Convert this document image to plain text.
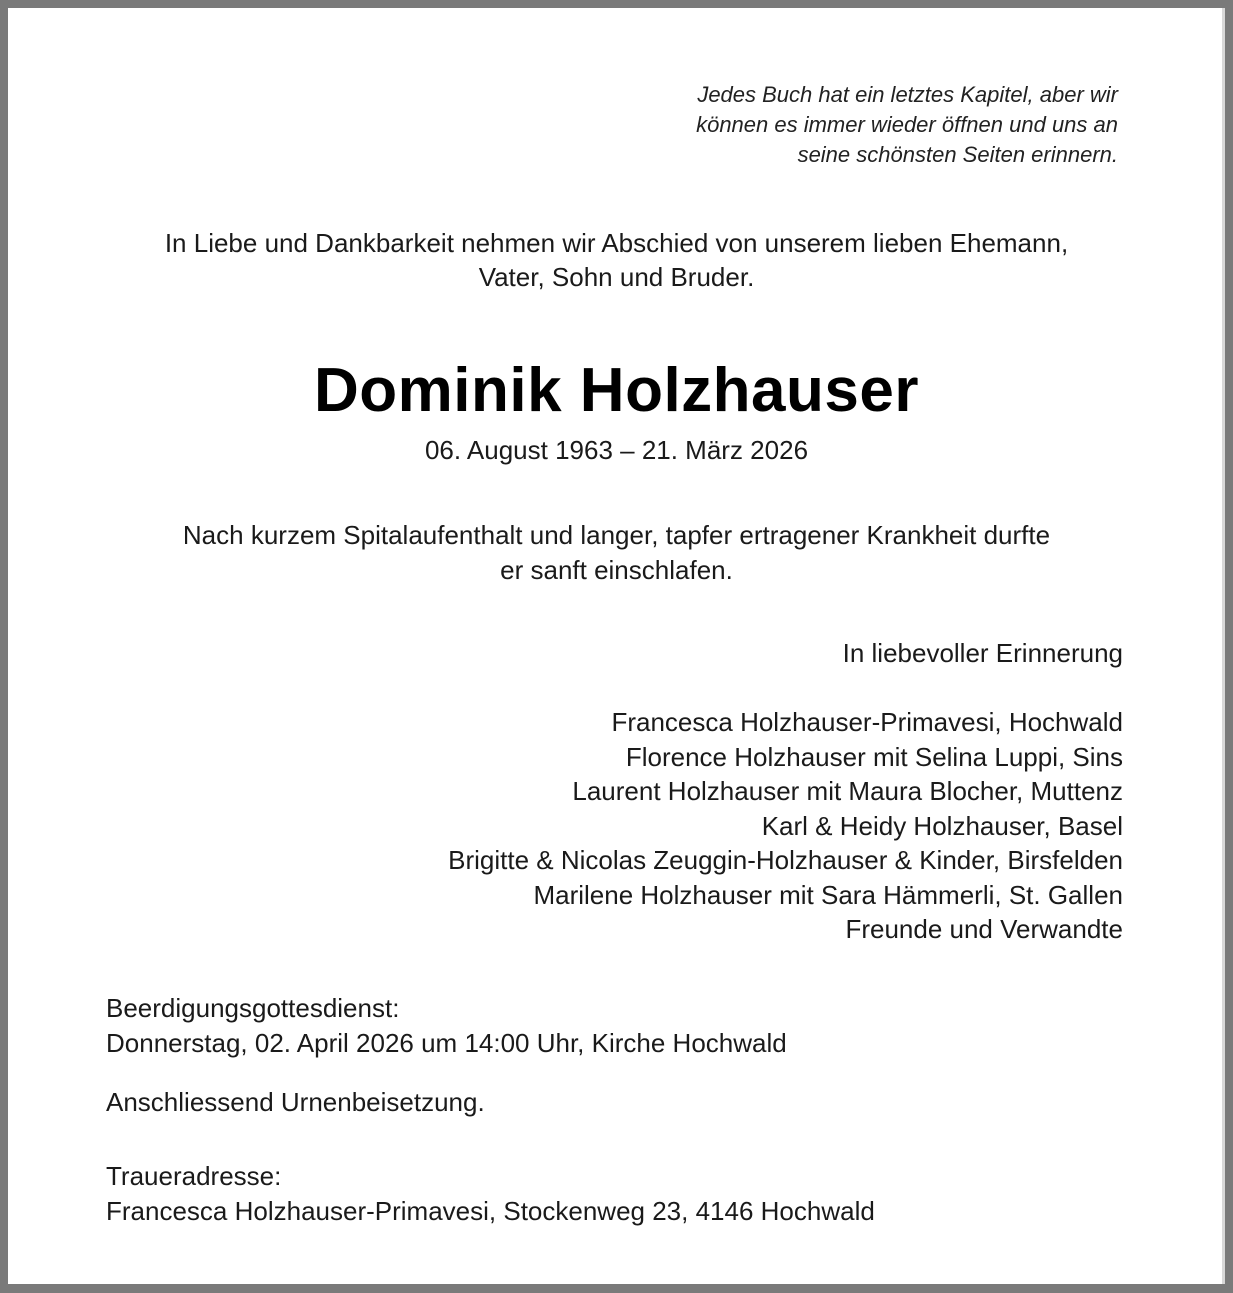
Jedes Buch hat ein letztes Kapitel, aber wir
können es immer wieder öffnen und uns an
seine schönsten Seiten erinnern.
In Liebe und Dankbarkeit nehmen wir Abschied von unserem lieben Ehemann,
Vater, Sohn und Bruder.
Dominik Holzhauser
06. August 1963 – 21. März 2026
Nach kurzem Spitalaufenthalt und langer, tapfer ertragener Krankheit durfte
er sanft einschlafen.
In liebevoller Erinnerung
Francesca Holzhauser-Primavesi, Hochwald
Florence Holzhauser mit Selina Luppi, Sins
Laurent Holzhauser mit Maura Blocher, Muttenz
Karl & Heidy Holzhauser, Basel
Brigitte & Nicolas Zeuggin-Holzhauser & Kinder, Birsfelden
Marilene Holzhauser mit Sara Hämmerli, St. Gallen
Freunde und Verwandte
Beerdigungsgottesdienst:
Donnerstag, 02. April 2026 um 14:00 Uhr, Kirche Hochwald
Anschliessend Urnenbeisetzung.
Traueradresse:
Francesca Holzhauser-Primavesi, Stockenweg 23, 4146 Hochwald
